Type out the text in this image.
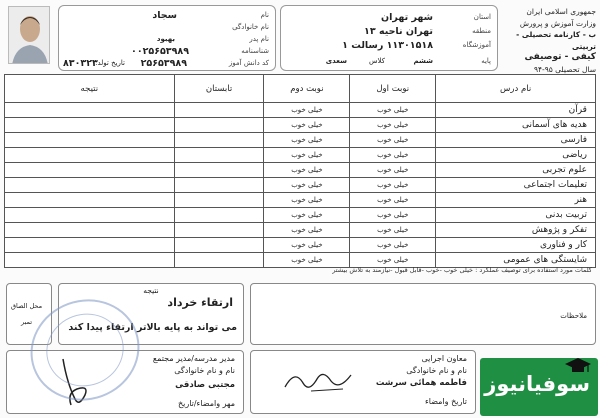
نام
سجاد
نام خانوادگی
نام پدر
بهبود
شناسنامه
۰۰۲۵۶۵۳۹۸۹
کد دانش آموز
۲۵۶۵۳۹۸۹
تاریخ تولد:
۸۳۰۳۲۳
استان
شهر تهران
منطقه
تهران ناحیه ۱۳
آموزشگاه
۱۱۳۰۱۵۱۸ رسالت ۱
پایه
ششم
کلاس
سعدی
جمهوری اسلامی ایران
وزارت آموزش و پرورش
ب - کارنامه تحصیلی - تربیتی
کیفی - توصیفی
سال تحصیلی ۹۵-۹۴
نام درس	نوبت اول	نوبت دوم	تابستان	نتیجه
قرآن	خیلی خوب	خیلی خوب		
هدیه های آسمانی	خیلی خوب	خیلی خوب		
فارسی	خیلی خوب	خیلی خوب		
ریاضی	خیلی خوب	خیلی خوب		
علوم تجربی	خیلی خوب	خیلی خوب		
تعلیمات اجتماعی	خیلی خوب	خیلی خوب		
هنر	خیلی خوب	خیلی خوب		
تربیت بدنی	خیلی خوب	خیلی خوب		
تفکر و پژوهش	خیلی خوب	خیلی خوب		
کار و فناوری	خیلی خوب	خیلی خوب		
شایستگی های عمومی	خیلی خوب	خیلی خوب		
کلمات مورد استفاده برای توصیف عملکرد : خیلی خوب -خوب -قابل قبول -نیازمند به تلاش بیشتر
محل الصاق
تمبر
نتیجه
ارتقاء خرداد
می تواند به پایه بالاتر ارتقاء پیدا کند
ملاحظات
معاون اجرایی
نام و نام خانوادگی
فاطمه همائی سرشت
تاریخ وامضاء
مدیر مدرسه/مدیر مجتمع
نام و نام خانوادگی
مجتبی صادقی
مهر وامضاء/تاریخ
سوفیانیوز
